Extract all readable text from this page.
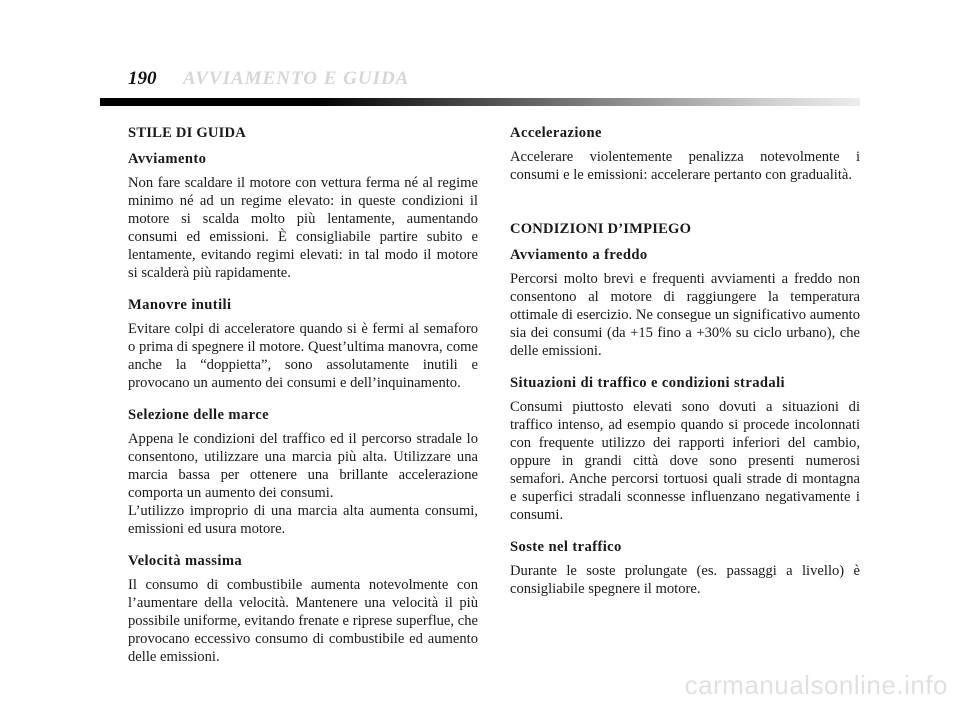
190 AVVIAMENTO E GUIDA
STILE DI GUIDA
Avviamento
Non fare scaldare il motore con vettura ferma né al regime minimo né ad un regime elevato: in queste condizioni il motore si scalda molto più lentamente, aumentando consumi ed emissioni. È consigliabile partire subito e lentamente, evitando regimi elevati: in tal modo il motore si scalderà più rapidamente.
Manovre inutili
Evitare colpi di acceleratore quando si è fermi al semaforo o prima di spegnere il motore. Quest’ultima manovra, come anche la “doppietta”, sono assolutamente inutili e provocano un aumento dei consumi e dell’inquinamento.
Selezione delle marce
Appena le condizioni del traffico ed il percorso stradale lo consentono, utilizzare una marcia più alta. Utilizzare una marcia bassa per ottenere una brillante accelerazione comporta un aumento dei consumi.
L’utilizzo improprio di una marcia alta aumenta consumi, emissioni ed usura motore.
Velocità massima
Il consumo di combustibile aumenta notevolmente con l’aumentare della velocità. Mantenere una velocità il più possibile uniforme, evitando frenate e riprese superflue, che provocano eccessivo consumo di combustibile ed aumento delle emissioni.
Accelerazione
Accelerare violentemente penalizza notevolmente i consumi e le emissioni: accelerare pertanto con gradualità.
CONDIZIONI D’IMPIEGO
Avviamento a freddo
Percorsi molto brevi e frequenti avviamenti a freddo non consentono al motore di raggiungere la temperatura ottimale di esercizio. Ne consegue un significativo aumento sia dei consumi (da +15 fino a +30% su ciclo urbano), che delle emissioni.
Situazioni di traffico e condizioni stradali
Consumi piuttosto elevati sono dovuti a situazioni di traffico intenso, ad esempio quando si procede incolonnati con frequente utilizzo dei rapporti inferiori del cambio, oppure in grandi città dove sono presenti numerosi semafori. Anche percorsi tortuosi quali strade di montagna e superfici stradali sconnesse influenzano negativamente i consumi.
Soste nel traffico
Durante le soste prolungate (es. passaggi a livello) è consigliabile spegnere il motore.
carmanualsonline.info
